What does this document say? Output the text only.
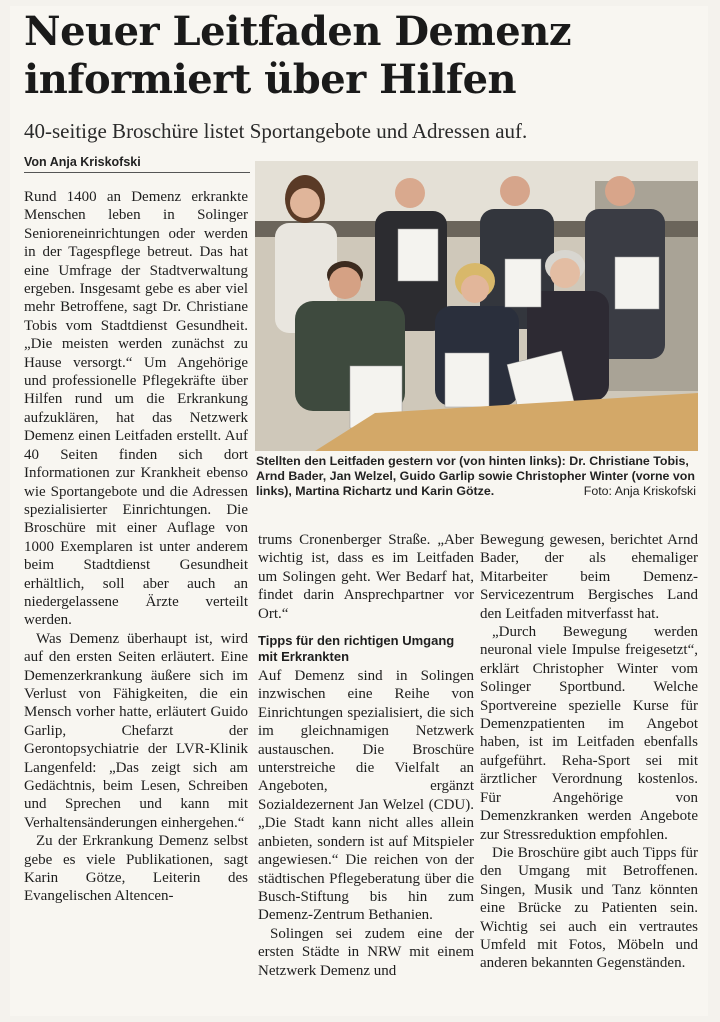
Neuer Leitfaden Demenz
informiert über Hilfen
40-seitige Broschüre listet Sportangebote und Adressen auf.
Von Anja Kriskofski

Rund 1400 an Demenz erkrankte Menschen leben in Solinger Senioreneinrichtungen oder werden in der Tagespflege betreut. Das hat eine Umfrage der Stadtverwaltung ergeben. Insgesamt gebe es aber viel mehr Betroffene, sagt Dr. Christiane Tobis vom Stadtdienst Gesundheit. „Die meisten werden zunächst zu Hause versorgt.“ Um Angehörige und professionelle Pflegekräfte über Hilfen rund um die Erkrankung aufzuklären, hat das Netzwerk Demenz einen Leitfaden erstellt. Auf 40 Seiten finden sich dort Informationen zur Krankheit ebenso wie Sportangebote und die Adressen spezialisierter Einrichtungen. Die Broschüre mit einer Auflage von 1000 Exemplaren ist unter anderem beim Stadtdienst Gesundheit erhältlich, soll aber auch an niedergelassene Ärzte verteilt werden.

Was Demenz überhaupt ist, wird auf den ersten Seiten erläutert. Eine Demenzerkrankung äußere sich im Verlust von Fähigkeiten, die ein Mensch vorher hatte, erläutert Guido Garlip, Chefarzt der Gerontopsychiatrie der LVR-Klinik Langenfeld: „Das zeigt sich am Gedächtnis, beim Lesen, Schreiben und Sprechen und kann mit Verhaltensänderungen einhergehen.“

Zu der Erkrankung Demenz selbst gebe es viele Publikationen, sagt Karin Götze, Leiterin des Evangelischen Altencen-

Stellten den Leitfaden gestern vor (von hinten links): Dr. Christiane Tobis, Arnd Bader, Jan Welzel, Guido Garlip sowie Christopher Winter (vorne von links), Martina Richartz und Karin Götze.	Foto: Anja Kriskofski

trums Cronenberger Straße. „Aber wichtig ist, dass es im Leitfaden um Solingen geht. Wer Bedarf hat, findet darin Ansprechpartner vor Ort.“

Tipps für den richtigen Umgang mit Erkrankten

Auf Demenz sind in Solingen inzwischen eine Reihe von Einrichtungen spezialisiert, die sich im gleichnamigen Netzwerk austauschen. Die Broschüre unterstreiche die Vielfalt an Angeboten, ergänzt Sozialdezernent Jan Welzel (CDU). „Die Stadt kann nicht alles allein anbieten, sondern ist auf Mitspieler angewiesen.“ Die reichen von der städtischen Pflegeberatung über die Busch-Stiftung bis hin zum Demenz-Zentrum Bethanien.

Solingen sei zudem eine der ersten Städte in NRW mit einem Netzwerk Demenz und

Bewegung gewesen, berichtet Arnd Bader, der als ehemaliger Mitarbeiter beim Demenz-Servicezentrum Bergisches Land den Leitfaden mitverfasst hat.

„Durch Bewegung werden neuronal viele Impulse freigesetzt“, erklärt Christopher Winter vom Solinger Sportbund. Welche Sportvereine spezielle Kurse für Demenzpatienten im Angebot haben, ist im Leitfaden ebenfalls aufgeführt. Reha-Sport sei mit ärztlicher Verordnung kostenlos. Für Angehörige von Demenzkranken werden Angebote zur Stressreduktion empfohlen.

Die Broschüre gibt auch Tipps für den Umgang mit Betroffenen. Singen, Musik und Tanz könnten eine Brücke zu Patienten sein. Wichtig sei auch ein vertrautes Umfeld mit Fotos, Möbeln und anderen bekannten Gegenständen.
